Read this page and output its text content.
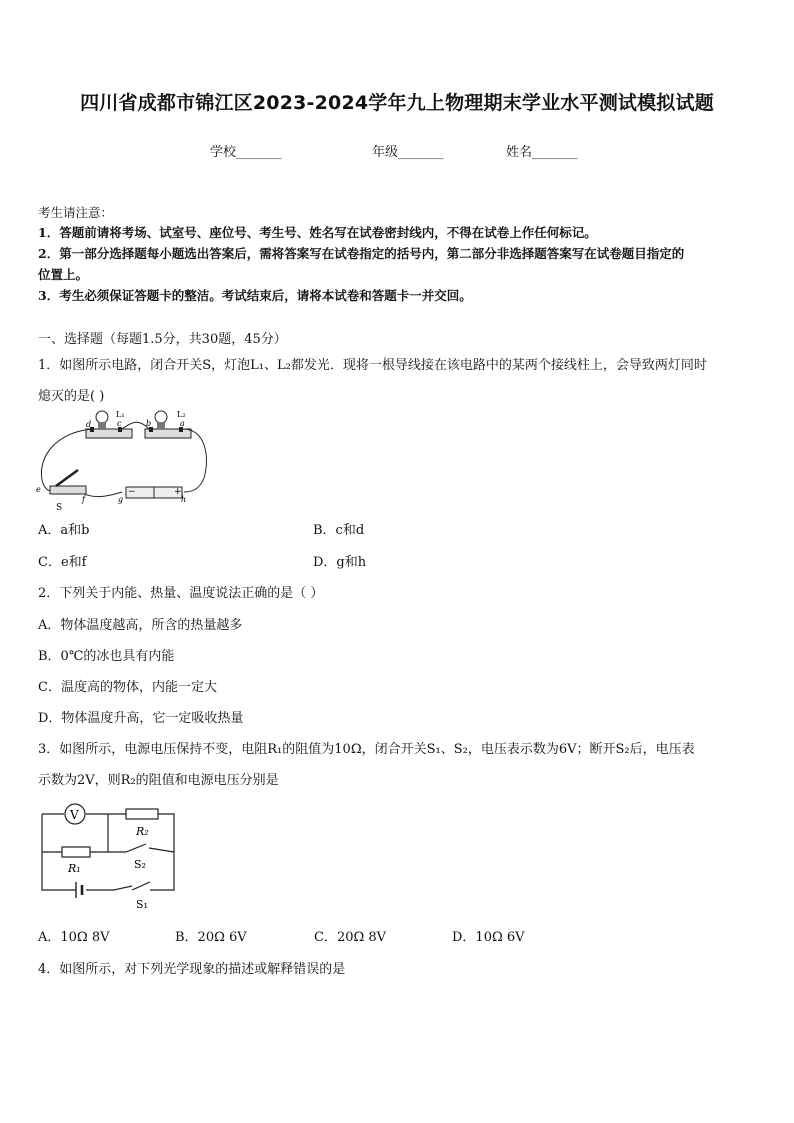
四川省成都市锦江区2023-2024学年九上物理期末学业水平测试模拟试题
学校_______	年级_______	姓名_______
考生请注意：
1．答题前请将考场、试室号、座位号、考生号、姓名写在试卷密封线内，不得在试卷上作任何标记。
2．第一部分选择题每小题选出答案后，需将答案写在试卷指定的括号内，第二部分非选择题答案写在试卷题目指定的
位置上。
3．考生必须保证答题卡的整洁。考试结束后，请将本试卷和答题卡一并交回。
一、选择题（每题1.5分，共30题，45分）
1．如图所示电路，闭合开关S，灯泡L₁、L₂都发光．现将一根导线接在该电路中的某两个接线柱上，会导致两灯同时
熄灭的是( )
L₁	L₂
d	c	b	a
e
f	g	h
S
−	+
A．a和b	B．c和d
C．e和f	D．g和h
2．下列关于内能、热量、温度说法正确的是（ ）
A．物体温度越高，所含的热量越多
B．0℃的冰也具有内能
C．温度高的物体，内能一定大
D．物体温度升高，它一定吸收热量
3．如图所示，电源电压保持不变，电阻R₁的阻值为10Ω，闭合开关S₁、S₂，电压表示数为6V；断开S₂后，电压表
示数为2V，则R₂的阻值和电源电压分别是
V
R₂
R₁	S₂
S₁
A．10Ω 8V	B．20Ω 6V	C．20Ω 8V	D．10Ω 6V
4．如图所示，对下列光学现象的描述或解释错误的是
